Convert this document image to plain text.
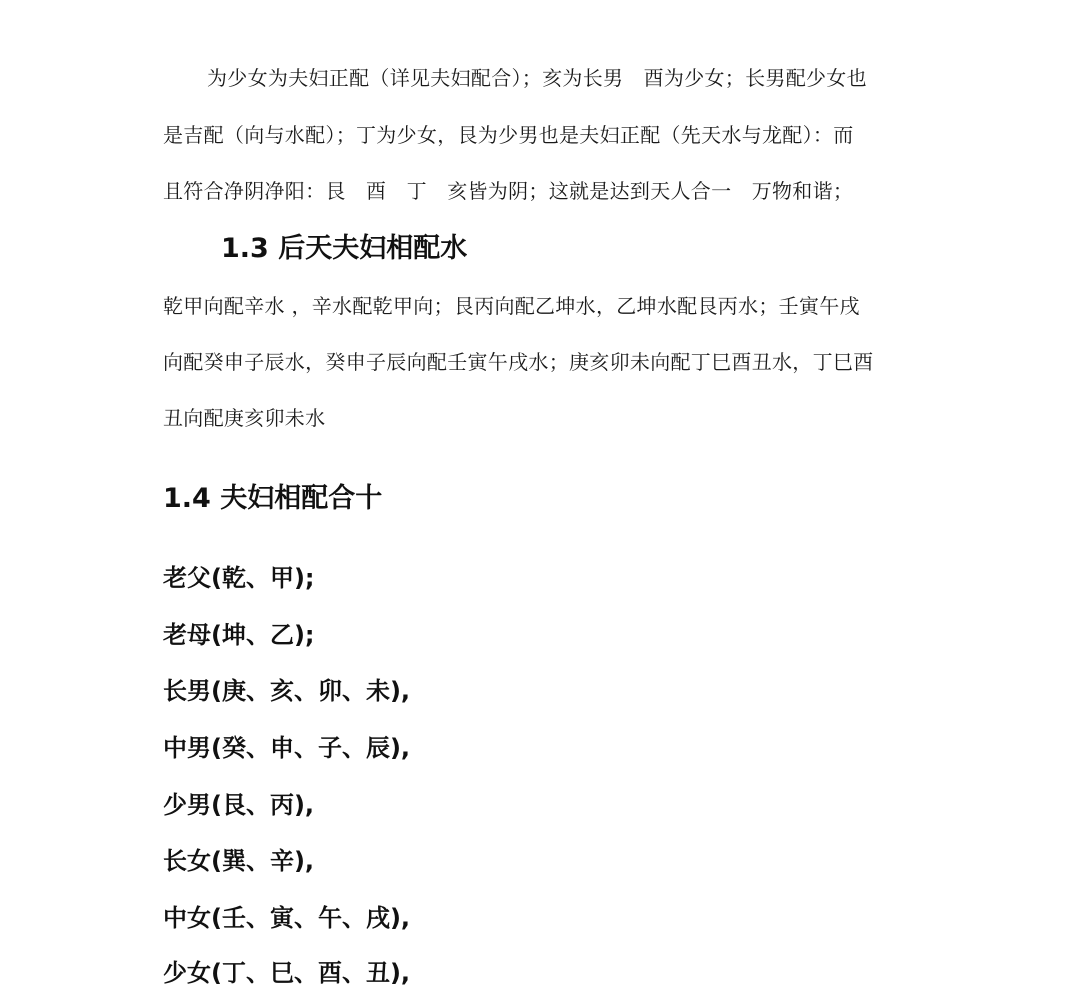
为少女为夫妇正配（详见夫妇配合）；亥为长男　酉为少女；长男配少女也
是吉配（向与水配）；丁为少女，艮为少男也是夫妇正配（先天水与龙配）：而
且符合净阴净阳：艮　酉　丁　亥皆为阴；这就是达到天人合一　万物和谐；
1.3 后天夫妇相配水
乾甲向配辛水 ，辛水配乾甲向；艮丙向配乙坤水，乙坤水配艮丙水；壬寅午戌
向配癸申子辰水，癸申子辰向配壬寅午戌水；庚亥卯未向配丁巳酉丑水，丁巳酉
丑向配庚亥卯未水
1.4 夫妇相配合十
老父(乾、甲);
老母(坤、乙);
长男(庚、亥、卯、未),
中男(癸、申、子、辰),
少男(艮、丙),
长女(巽、辛),
中女(壬、寅、午、戌),
少女(丁、巳、酉、丑),
